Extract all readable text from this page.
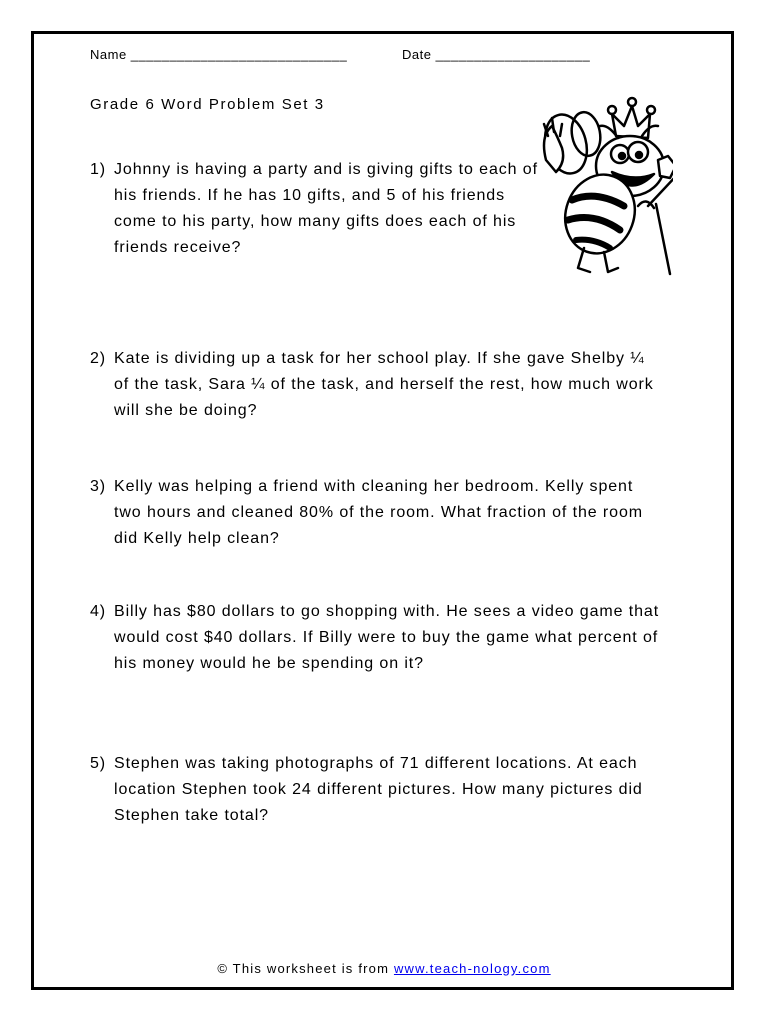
Name ____________________________	Date ____________________
Grade 6 Word Problem Set 3
1) Johnny is having a party and is giving gifts to each of his friends. If he has 10 gifts, and 5 of his friends come to his party, how many gifts does each of his friends receive?
2) Kate is dividing up a task for her school play. If she gave Shelby ¼ of the task, Sara ¼ of the task, and herself the rest, how much work will she be doing?
3) Kelly was helping a friend with cleaning her bedroom. Kelly spent two hours and cleaned 80% of the room. What fraction of the room did Kelly help clean?
4) Billy has $80 dollars to go shopping with. He sees a video game that would cost $40 dollars. If Billy were to buy the game what percent of his money would he be spending on it?
5) Stephen was taking photographs of 71 different locations. At each location Stephen took 24 different pictures. How many pictures did Stephen take total?
© This worksheet is from www.teach-nology.com
